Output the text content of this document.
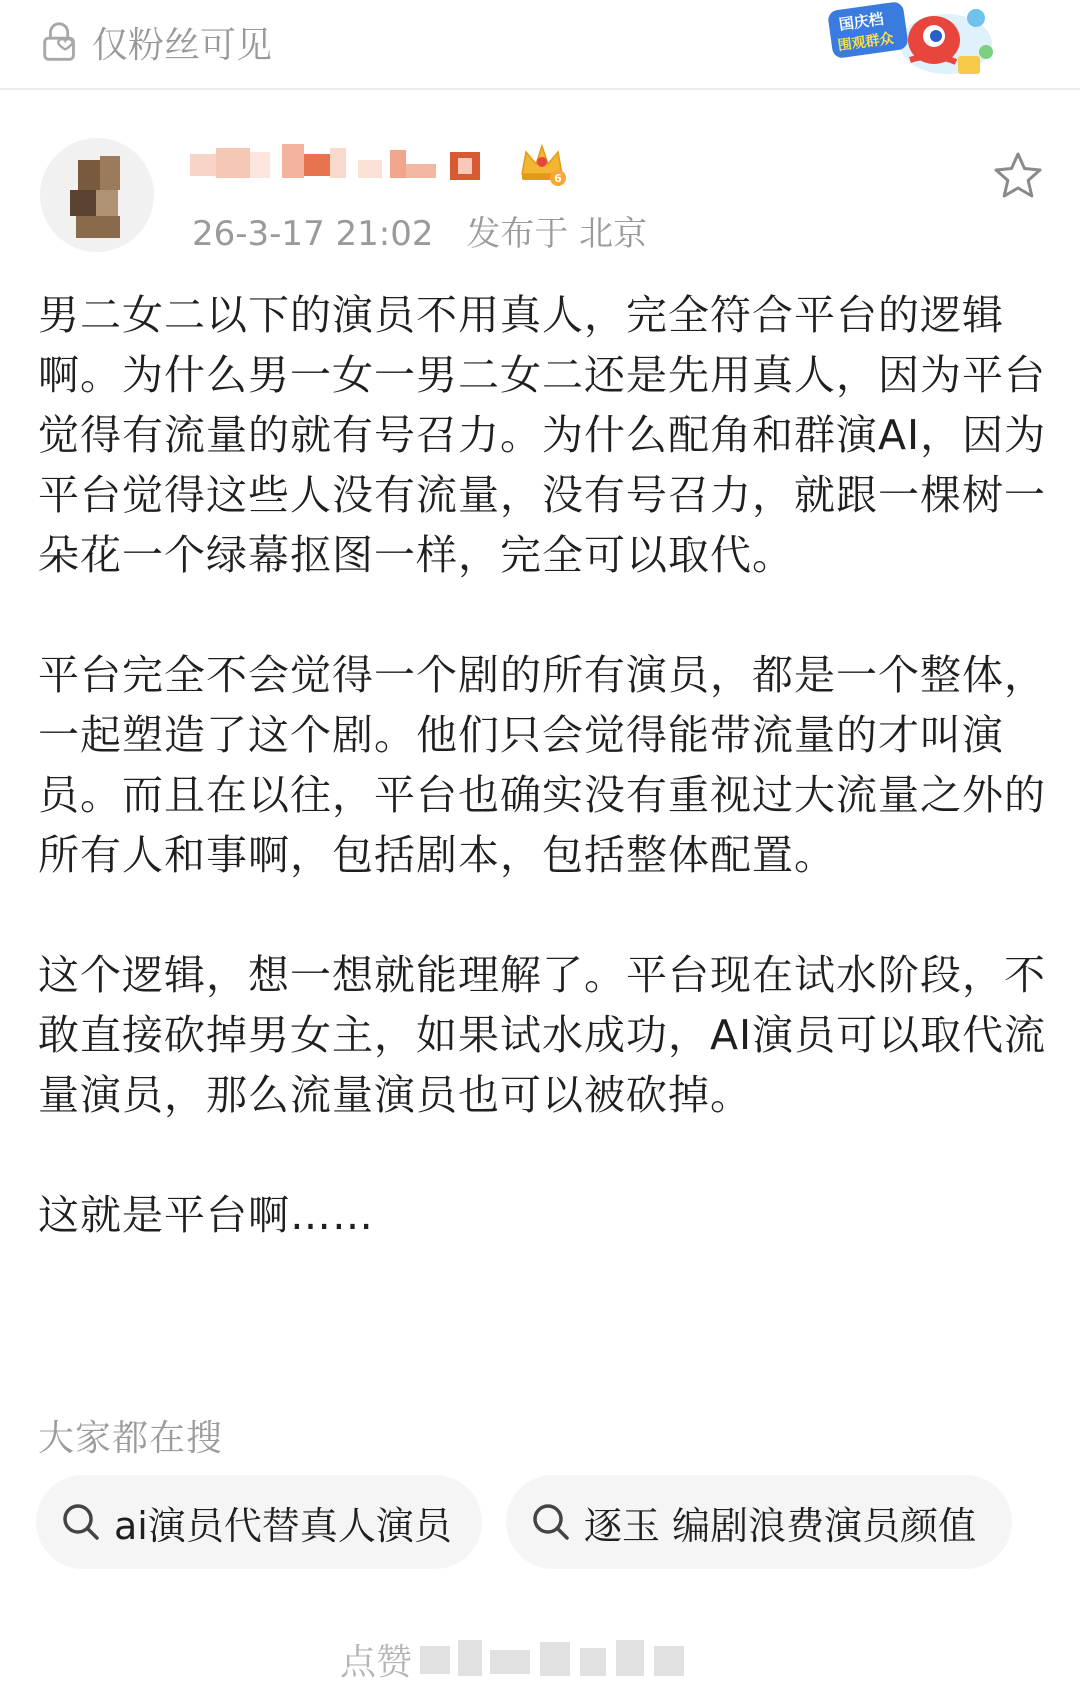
仅粉丝可见
国庆档
围观群众
6
26-3-17 21:02 发布于 北京

男二女二以下的演员不用真人，完全符合平台的逻辑啊。为什么男一女一男二女二还是先用真人，因为平台觉得有流量的就有号召力。为什么配角和群演AI，因为平台觉得这些人没有流量，没有号召力，就跟一棵树一朵花一个绿幕抠图一样，完全可以取代。

平台完全不会觉得一个剧的所有演员，都是一个整体，一起塑造了这个剧。他们只会觉得能带流量的才叫演员。而且在以往，平台也确实没有重视过大流量之外的所有人和事啊，包括剧本，包括整体配置。

这个逻辑，想一想就能理解了。平台现在试水阶段，不敢直接砍掉男女主，如果试水成功，AI演员可以取代流量演员，那么流量演员也可以被砍掉。

这就是平台啊……

大家都在搜
ai演员代替真人演员	逐玉 编剧浪费演员颜值
点赞
